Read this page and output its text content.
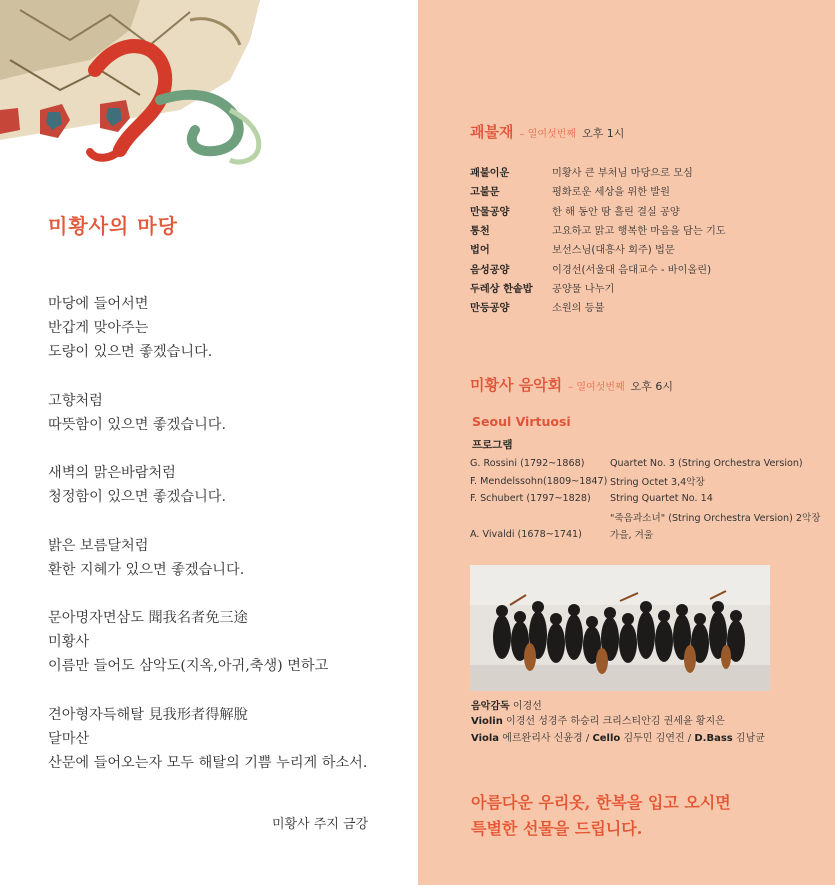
미황사의 마당
마당에 들어서면
반갑게 맞아주는
도량이 있으면 좋겠습니다.
고향처럼
따뜻함이 있으면 좋겠습니다.
새벽의 맑은바람처럼
청정함이 있으면 좋겠습니다.
밝은 보름달처럼
환한 지혜가 있으면 좋겠습니다.
문아명자면삼도 聞我名者免三途
미황사
이름만 들어도 삼악도(지옥,아귀,축생) 면하고
견아형자득해탈 見我形者得解脫
달마산
산문에 들어오는자 모두 해탈의 기쁨 누리게 하소서.
미황사 주지 금강
괘불재 – 열여섯번째 오후 1시
괘불이운	미황사 큰 부처님 마당으로 모심
고불문	평화로운 세상을 위한 발원
만물공양	한 해 동안 땀 흘린 결실 공양
통천	고요하고 맑고 행복한 마음을 담는 기도
법어	보선스님(대흥사 회주) 법문
음성공양	이경선(서울대 음대교수 - 바이올린)
두레상 한솥밥	공양물 나누기
만등공양	소원의 등불
미황사 음악회 – 열여섯번째 오후 6시
Seoul Virtuosi
프로그램
G. Rossini (1792~1868)	Quartet No. 3 (String Orchestra Version)
F. Mendelssohn(1809~1847) String Octet 3,4악장
F. Schubert (1797~1828)	String Quartet No. 14
"죽음과소녀" (String Orchestra Version) 2악장
A. Vivaldi (1678~1741)	가을, 겨울
음악감독 이경선
Violin 이경선 성경주 하승리 크리스티안김 권세윤 황지은
Viola 에르완리사 신윤경 / Cello 김두민 김연진 / D.Bass 김남균
아름다운 우리옷, 한복을 입고 오시면
특별한 선물을 드립니다.
